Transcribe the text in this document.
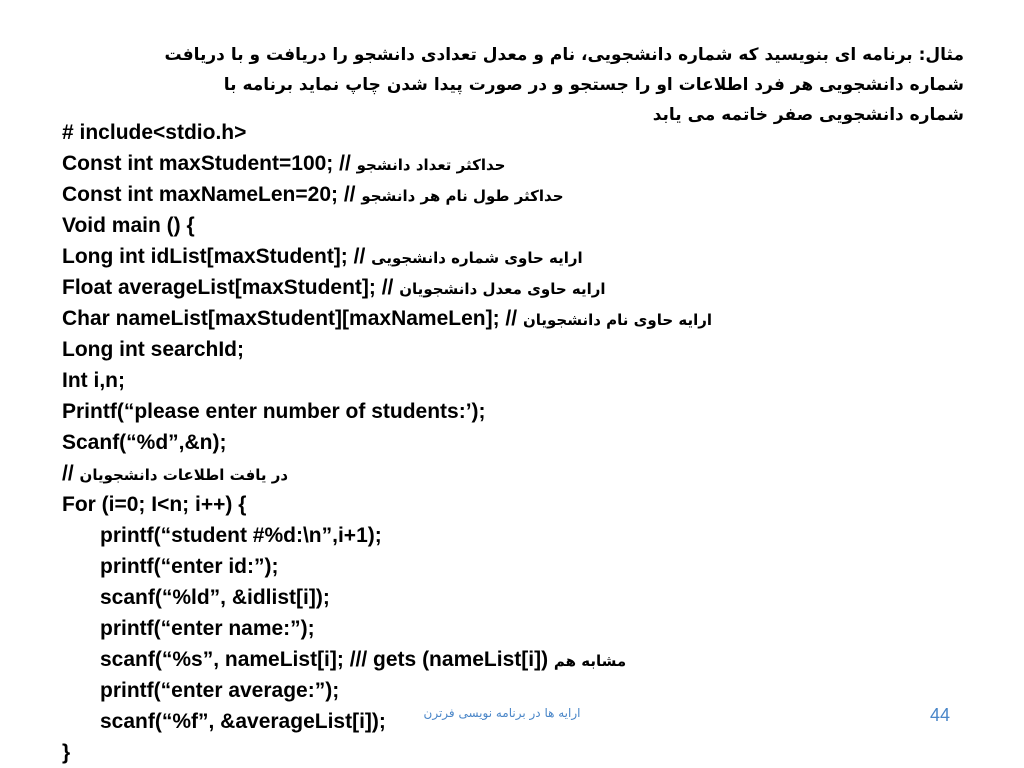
مثال: برنامه ای بنویسید که شماره دانشجویی، نام و معدل تعدادی دانشجو را دریافت و با دریافت
شماره دانشجویی هر فرد اطلاعات او را جستجو و در صورت پیدا شدن چاپ نماید برنامه با
شماره دانشجویی صفر خاتمه می یابد
# include<stdio.h>
Const int maxStudent=100; // حداکثر تعداد دانشجو
Const int maxNameLen=20; // حداکثر طول نام هر دانشجو
Void main () {
Long int idList[maxStudent]; // ارایه حاوی شماره دانشجویی
Float averageList[maxStudent]; // ارایه حاوی معدل دانشجویان
Char nameList[maxStudent][maxNameLen]; // ارایه حاوی نام دانشجویان
Long int searchId;
Int i,n;
Printf(“please enter number of students:’);
Scanf(“%d”,&n);
// در یافت اطلاعات دانشجویان
For (i=0; I<n; i++) {
printf(“student #%d:\n”,i+1);
printf(“enter id:”);
scanf(“%ld”, &idlist[i]);
printf(“enter name:”);
scanf(“%s”, nameList[i]; /// gets (nameList[i]) مشابه هم
printf(“enter average:”);
scanf(“%f”, &averageList[i]);
}
ارایه ها در برنامه نویسی فرترن	44
